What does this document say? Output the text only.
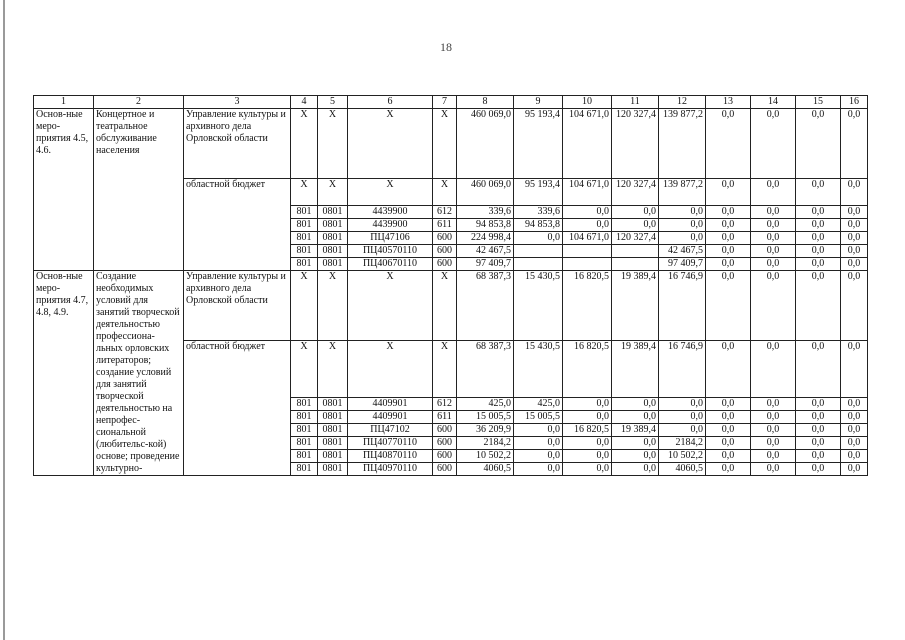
18
1	2	3	4	5	6	7	8	9	10	11	12	13	14	15	16
Основ-ные меро-приятия 4.5, 4.6.	Концертное и театральное обслуживание населения	Управление культуры и архивного дела Орловской области	X	X	X	X	460 069,0	95 193,4	104 671,0	120 327,4	139 877,2	0,0	0,0	0,0	0,0
		областной бюджет	X	X	X	X	460 069,0	95 193,4	104 671,0	120 327,4	139 877,2	0,0	0,0	0,0	0,0
			801	0801	4439900	612	339,6	339,6	0,0	0,0	0,0	0,0	0,0	0,0	0,0
			801	0801	4439900	611	94 853,8	94 853,8	0,0	0,0	0,0	0,0	0,0	0,0	0,0
			801	0801	ПЦ47106	600	224 998,4	0,0	104 671,0	120 327,4	0,0	0,0	0,0	0,0	0,0
			801	0801	ПЦ40570110	600	42 467,5				42 467,5	0,0	0,0	0,0	0,0
			801	0801	ПЦ40670110	600	97 409,7				97 409,7	0,0	0,0	0,0	0,0
Основ-ные меро-приятия 4.7, 4.8, 4.9.	Создание необходимых условий для занятий творческой деятельностью профессиона-льных орловских литераторов; создание условий для занятий творческой деятельностью на непрофес-сиональной (любительс-кой) основе; проведение культурно-	Управление культуры и архивного дела Орловской области	X	X	X	X	68 387,3	15 430,5	16 820,5	19 389,4	16 746,9	0,0	0,0	0,0	0,0
		областной бюджет	X	X	X	X	68 387,3	15 430,5	16 820,5	19 389,4	16 746,9	0,0	0,0	0,0	0,0
			801	0801	4409901	612	425,0	425,0	0,0	0,0	0,0	0,0	0,0	0,0	0,0
			801	0801	4409901	611	15 005,5	15 005,5	0,0	0,0	0,0	0,0	0,0	0,0	0,0
			801	0801	ПЦ47102	600	36 209,9	0,0	16 820,5	19 389,4	0,0	0,0	0,0	0,0	0,0
			801	0801	ПЦ40770110	600	2184,2	0,0	0,0	0,0	2184,2	0,0	0,0	0,0	0,0
			801	0801	ПЦ40870110	600	10 502,2	0,0	0,0	0,0	10 502,2	0,0	0,0	0,0	0,0
			801	0801	ПЦ40970110	600	4060,5	0,0	0,0	0,0	4060,5	0,0	0,0	0,0	0,0
